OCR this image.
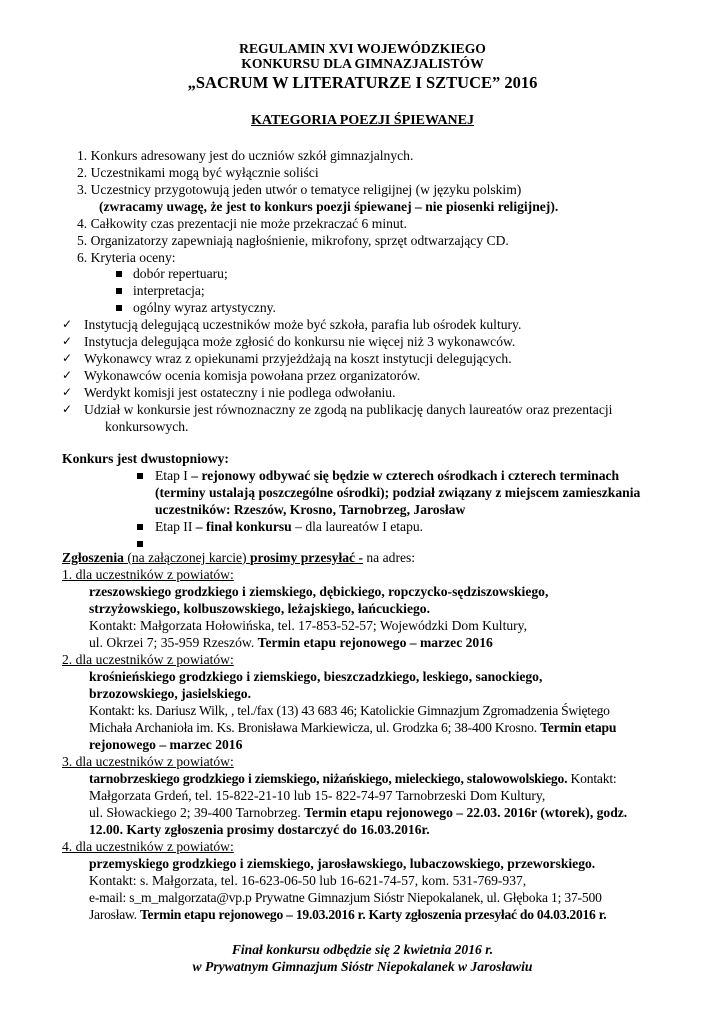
REGULAMIN XVI WOJEWÓDZKIEGO
KONKURSU DLA GIMNAZJALISTÓW
„SACRUM W LITERATURZE I SZTUCE” 2016
KATEGORIA POEZJI ŚPIEWANEJ
1. Konkurs adresowany jest do uczniów szkół gimnazjalnych.
2. Uczestnikami mogą być wyłącznie soliści
3. Uczestnicy przygotowują jeden utwór o tematyce religijnej (w języku polskim)
(zwracamy uwagę, że jest to konkurs poezji śpiewanej – nie piosenki religijnej).
4. Całkowity czas prezentacji nie może przekraczać 6 minut.
5. Organizatorzy zapewniają nagłośnienie, mikrofony, sprzęt odtwarzający CD.
6. Kryteria oceny:
dobór repertuaru;
interpretacja;
ogólny wyraz artystyczny.
✓ Instytucją delegującą uczestników może być szkoła, parafia lub ośrodek kultury.
✓ Instytucja delegująca może zgłosić do konkursu nie więcej niż 3 wykonawców.
✓ Wykonawcy wraz z opiekunami przyjeżdżają na koszt instytucji delegujących.
✓ Wykonawców ocenia komisja powołana przez organizatorów.
✓ Werdykt komisji jest ostateczny i nie podlega odwołaniu.
✓ Udział w konkursie jest równoznaczny ze zgodą na publikację danych laureatów oraz prezentacji
konkursowych.
Konkurs jest dwustopniowy:
Etap I – rejonowy odbywać się będzie w czterech ośrodkach i czterech terminach
(terminy ustalają poszczególne ośrodki); podział związany z miejscem zamieszkania
uczestników: Rzeszów, Krosno, Tarnobrzeg, Jarosław
Etap II – finał konkursu – dla laureatów I etapu.
Zgłoszenia (na załączonej karcie) prosimy przesyłać - na adres:
1. dla uczestników z powiatów:
rzeszowskiego grodzkiego i ziemskiego, dębickiego, ropczycko-sędziszowskiego,
strzyżowskiego, kolbuszowskiego, leżajskiego, łańcuckiego.
Kontakt: Małgorzata Hołowińska, tel. 17-853-52-57; Wojewódzki Dom Kultury,
ul. Okrzei 7; 35-959 Rzeszów. Termin etapu rejonowego – marzec 2016
2. dla uczestników z powiatów:
krośnieńskiego grodzkiego i ziemskiego, bieszczadzkiego, leskiego, sanockiego,
brzozowskiego, jasielskiego.
Kontakt: ks. Dariusz Wilk, , tel./fax (13) 43 683 46; Katolickie Gimnazjum Zgromadzenia Świętego
Michała Archanioła im. Ks. Bronisława Markiewicza, ul. Grodzka 6; 38-400 Krosno. Termin etapu
rejonowego – marzec 2016
3. dla uczestników z powiatów:
tarnobrzeskiego grodzkiego i ziemskiego, niżańskiego, mieleckiego, stalowowolskiego. Kontakt:
Małgorzata Grdeń, tel. 15-822-21-10 lub 15- 822-74-97 Tarnobrzeski Dom Kultury,
ul. Słowackiego 2; 39-400 Tarnobrzeg. Termin etapu rejonowego – 22.03. 2016r (wtorek), godz.
12.00. Karty zgłoszenia prosimy dostarczyć do 16.03.2016r.
4. dla uczestników z powiatów:
przemyskiego grodzkiego i ziemskiego, jarosławskiego, lubaczowskiego, przeworskiego.
Kontakt: s. Małgorzata, tel. 16-623-06-50 lub 16-621-74-57, kom. 531-769-937,
e-mail: s_m_malgorzata@vp.p Prywatne Gimnazjum Sióstr Niepokalanek, ul. Głęboka 1; 37-500
Jarosław. Termin etapu rejonowego – 19.03.2016 r. Karty zgłoszenia przesyłać do 04.03.2016 r.
Finał konkursu odbędzie się 2 kwietnia 2016 r.
w Prywatnym Gimnazjum Sióstr Niepokalanek w Jarosławiu
